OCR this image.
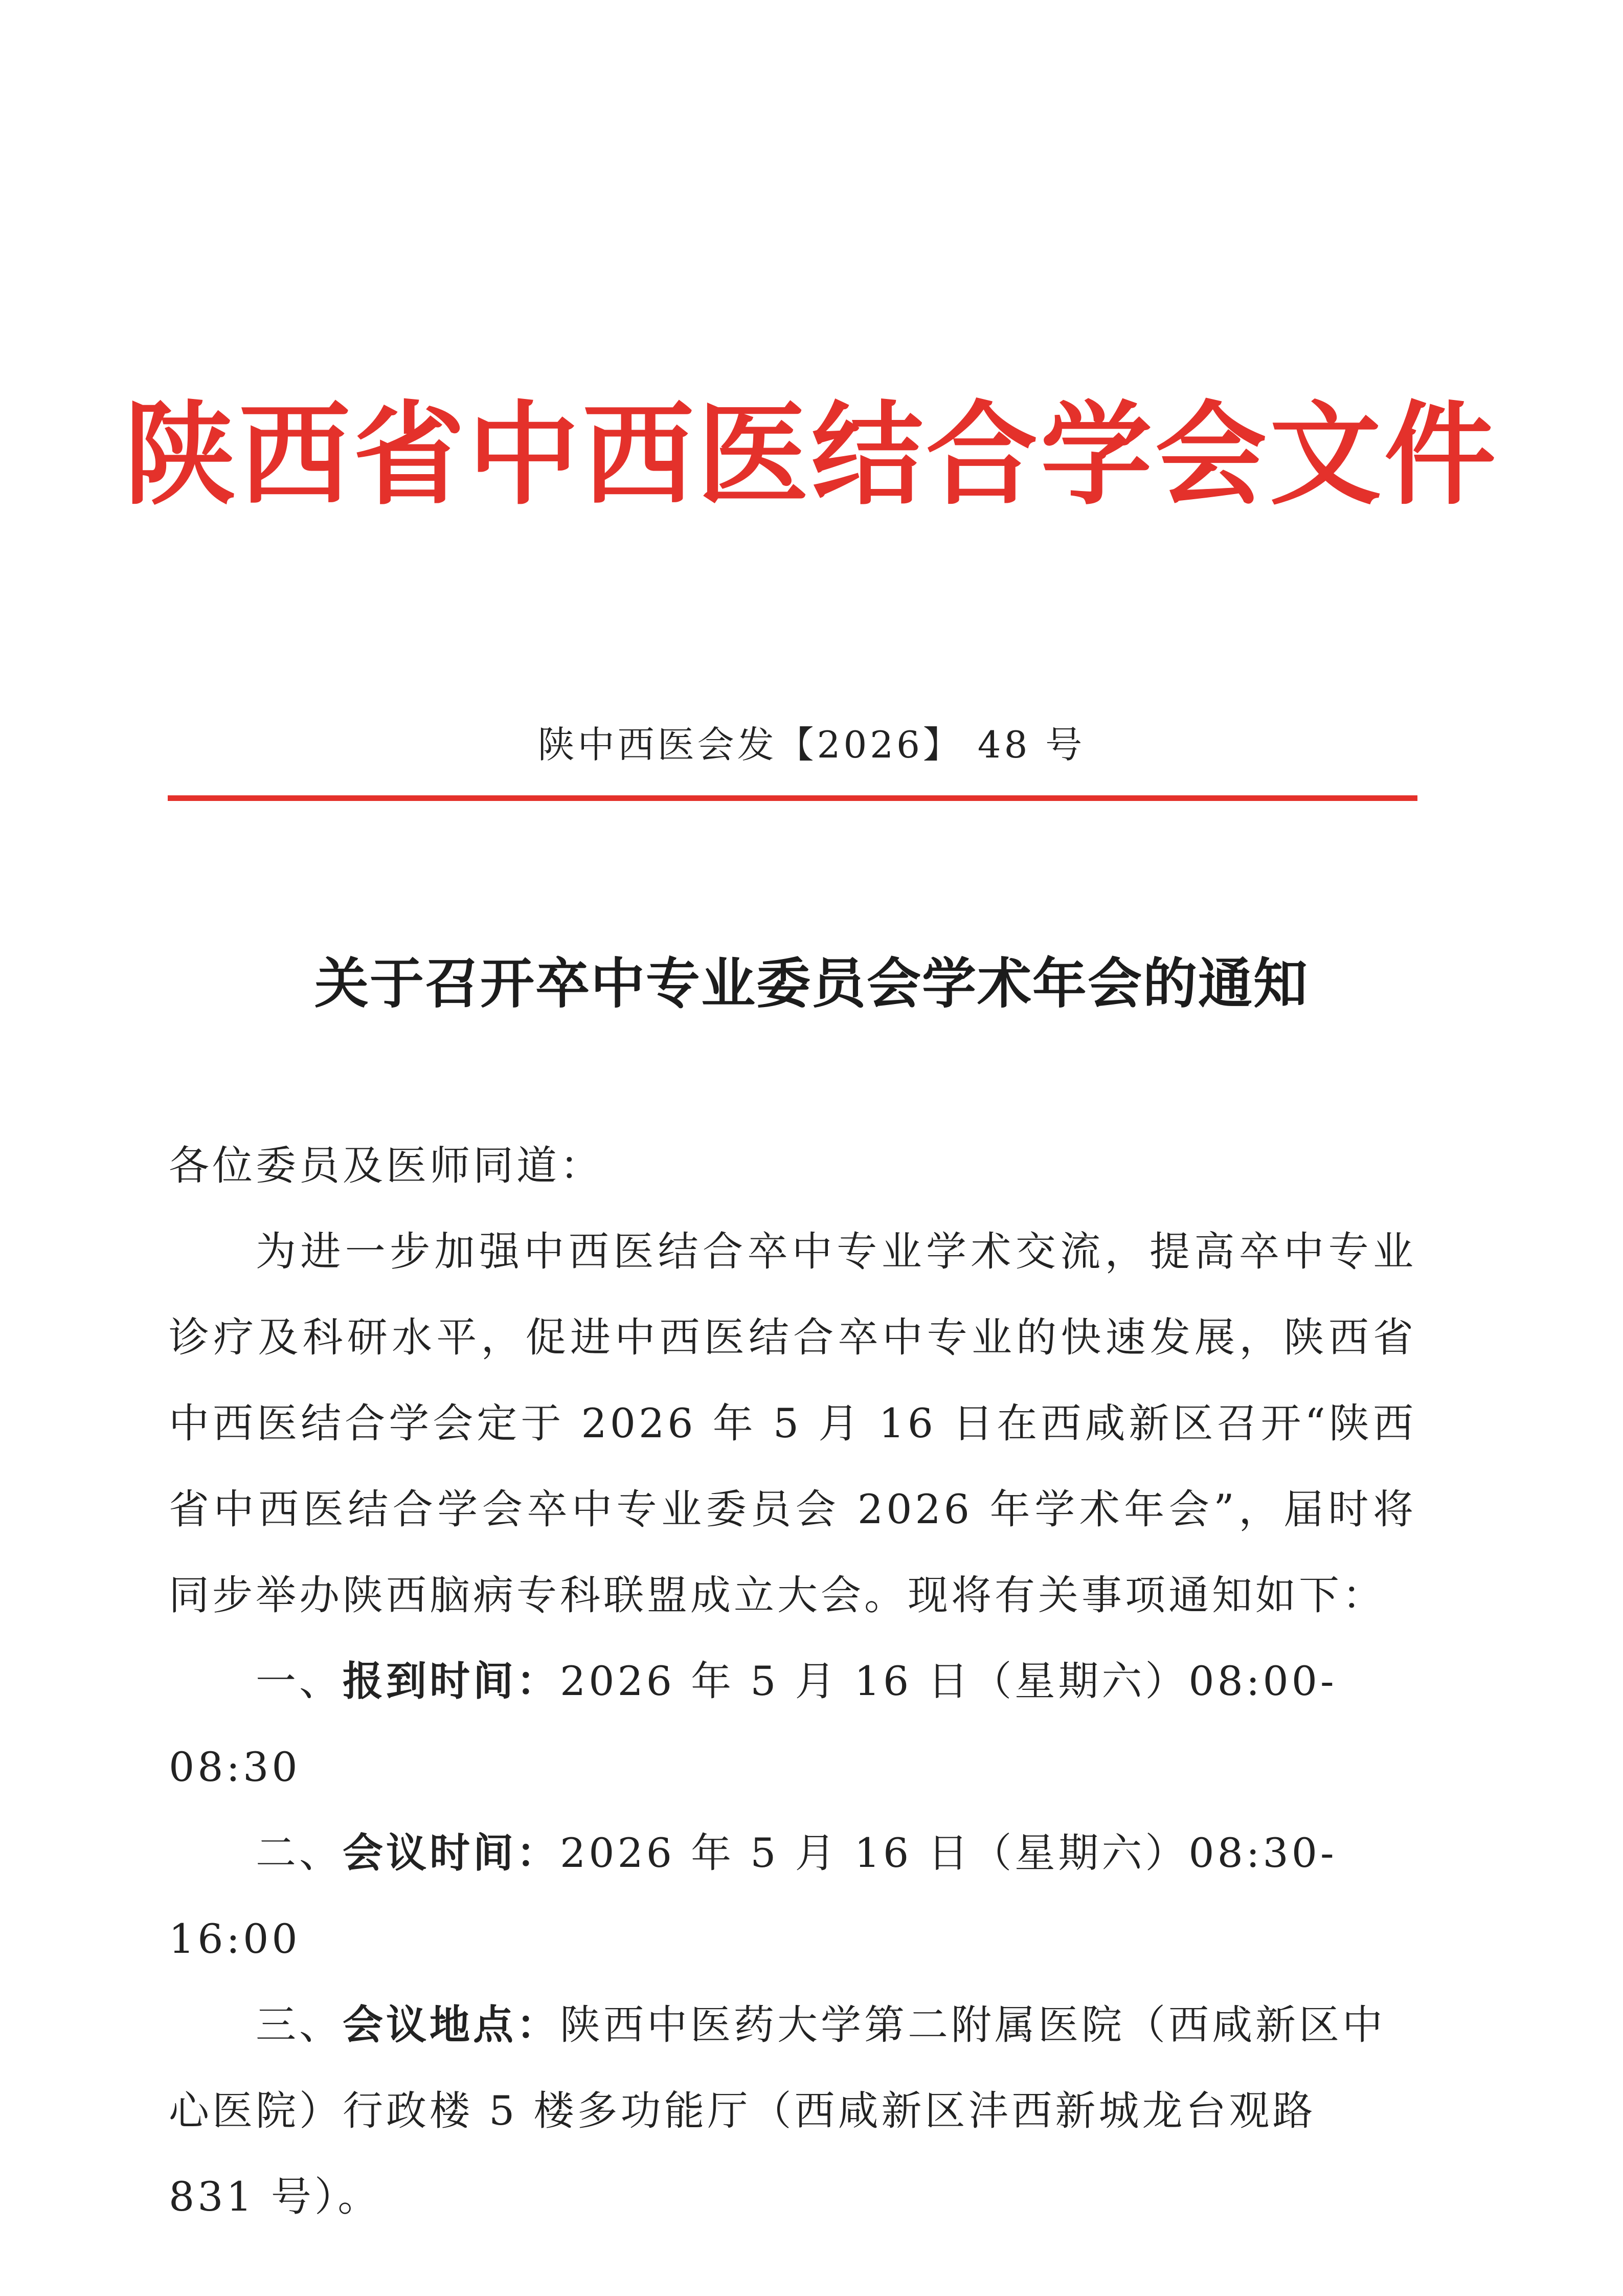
陕西省中西医结合学会文件
陕中西医会发【2026】 48 号
关于召开卒中专业委员会学术年会的通知

各位委员及医师同道：

为进一步加强中西医结合卒中专业学术交流，提高卒中专业诊疗及科研水平，促进中西医结合卒中专业的快速发展，陕西省中西医结合学会定于 2026 年 5 月 16 日在西咸新区召开“陕西省中西医结合学会卒中专业委员会 2026 年学术年会”，届时将同步举办陕西脑病专科联盟成立大会。现将有关事项通知如下：

一、报到时间：2026 年 5 月 16 日（星期六）08:00-08:30

二、会议时间：2026 年 5 月 16 日（星期六）08:30-16:00

三、会议地点：陕西中医药大学第二附属医院（西咸新区中心医院）行政楼 5 楼多功能厅（西咸新区沣西新城龙台观路 831 号）。
